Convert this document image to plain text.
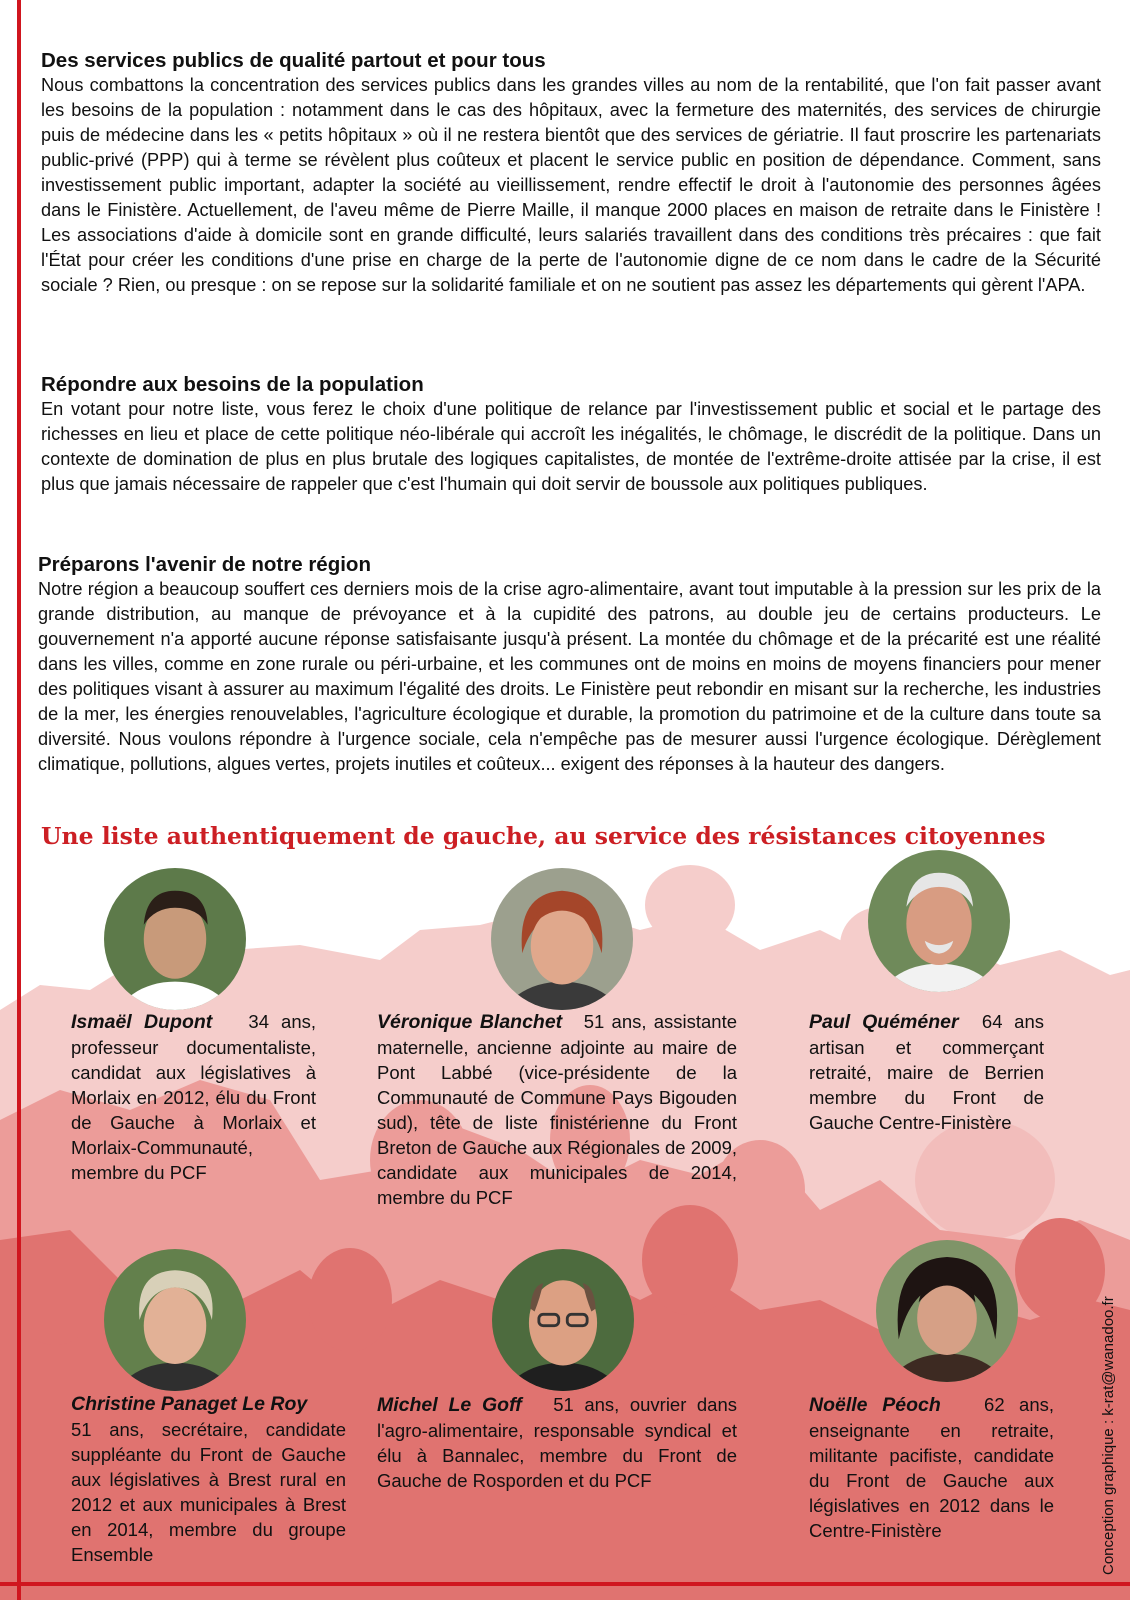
Des services publics de qualité partout et pour tous

Nous combattons la concentration des services publics dans les grandes villes au nom de la rentabilité, que l'on fait passer avant les besoins de la population : notamment dans le cas des hôpitaux, avec la fermeture des maternités, des services de chirurgie puis de médecine dans les « petits hôpitaux » où il ne restera bientôt que des services de gériatrie. Il faut proscrire les partenariats public-privé (PPP) qui à terme se révèlent plus coûteux et placent le service public en position de dépendance. Comment, sans investissement public important, adapter la société au vieillissement, rendre effectif le droit à l'autonomie des personnes âgées dans le Finistère. Actuellement, de l'aveu même de Pierre Maille, il manque 2000 places en maison de retraite dans le Finistère ! Les associations d'aide à domicile sont en grande difficulté, leurs salariés travaillent dans des conditions très précaires : que fait l'État pour créer les conditions d'une prise en charge de la perte de l'autonomie digne de ce nom dans le cadre de la Sécurité sociale ? Rien, ou presque : on se repose sur la solidarité familiale et on ne soutient pas assez les départements qui gèrent l'APA.

Répondre aux besoins de la population

En votant pour notre liste, vous ferez le choix d'une politique de relance par l'investissement public et social et le partage des richesses en lieu et place de cette politique néo-libérale qui accroît les inégalités, le chômage, le discrédit de la politique. Dans un contexte de domination de plus en plus brutale des logiques capitalistes, de montée de l'extrême-droite attisée par la crise, il est plus que jamais nécessaire de rappeler que c'est l'humain qui doit servir de boussole aux politiques publiques.

Préparons l'avenir de notre région

Notre région a beaucoup souffert ces derniers mois de la crise agro-alimentaire, avant tout imputable à la pression sur les prix de la grande distribution, au manque de prévoyance et à la cupidité des patrons, au double jeu de certains producteurs. Le gouvernement n'a apporté aucune réponse satisfaisante jusqu'à présent. La montée du chômage et de la précarité est une réalité dans les villes, comme en zone rurale ou péri-urbaine, et les communes ont de moins en moins de moyens financiers pour mener des politiques visant à assurer au maximum l'égalité des droits. Le Finistère peut rebondir en misant sur la recherche, les industries de la mer, les énergies renouvelables, l'agriculture écologique et durable, la promotion du patrimoine et de la culture dans toute sa diversité. Nous voulons répondre à l'urgence sociale, cela n'empêche pas de mesurer aussi l'urgence écologique. Dérèglement climatique, pollutions, algues vertes, projets inutiles et coûteux... exigent des réponses à la hauteur des dangers.

Une liste authentiquement de gauche, au service des résistances citoyennes
Ismaël Dupont 34 ans, professeur documentaliste, candidat aux législatives à Morlaix en 2012, élu du Front de Gauche à Morlaix et Morlaix-Communauté, membre du PCF
Véronique Blanchet 51 ans, assistante maternelle, ancienne adjointe au maire de Pont Labbé (vice-présidente de la Communauté de Commune Pays Bigouden sud), tête de liste finistérienne du Front Breton de Gauche aux Régionales de 2009, candidate aux municipales de 2014, membre du PCF
Paul Quéméner 64 ans artisan et commerçant retraité, maire de Berrien membre du Front de Gauche Centre-Finistère
Christine Panaget Le Roy
51 ans, secrétaire, candidate suppléante du Front de Gauche aux législatives à Brest rural en 2012 et aux municipales à Brest en 2014, membre du groupe Ensemble
Michel Le Goff 51 ans, ouvrier dans l'agro-alimentaire, responsable syndical et élu à Bannalec, membre du Front de Gauche de Rosporden et du PCF
Noëlle Péoch 62 ans, enseignante en retraite, militante pacifiste, candidate du Front de Gauche aux législatives en 2012 dans le Centre-Finistère	Conception graphique : k-rat@wanadoo.fr
